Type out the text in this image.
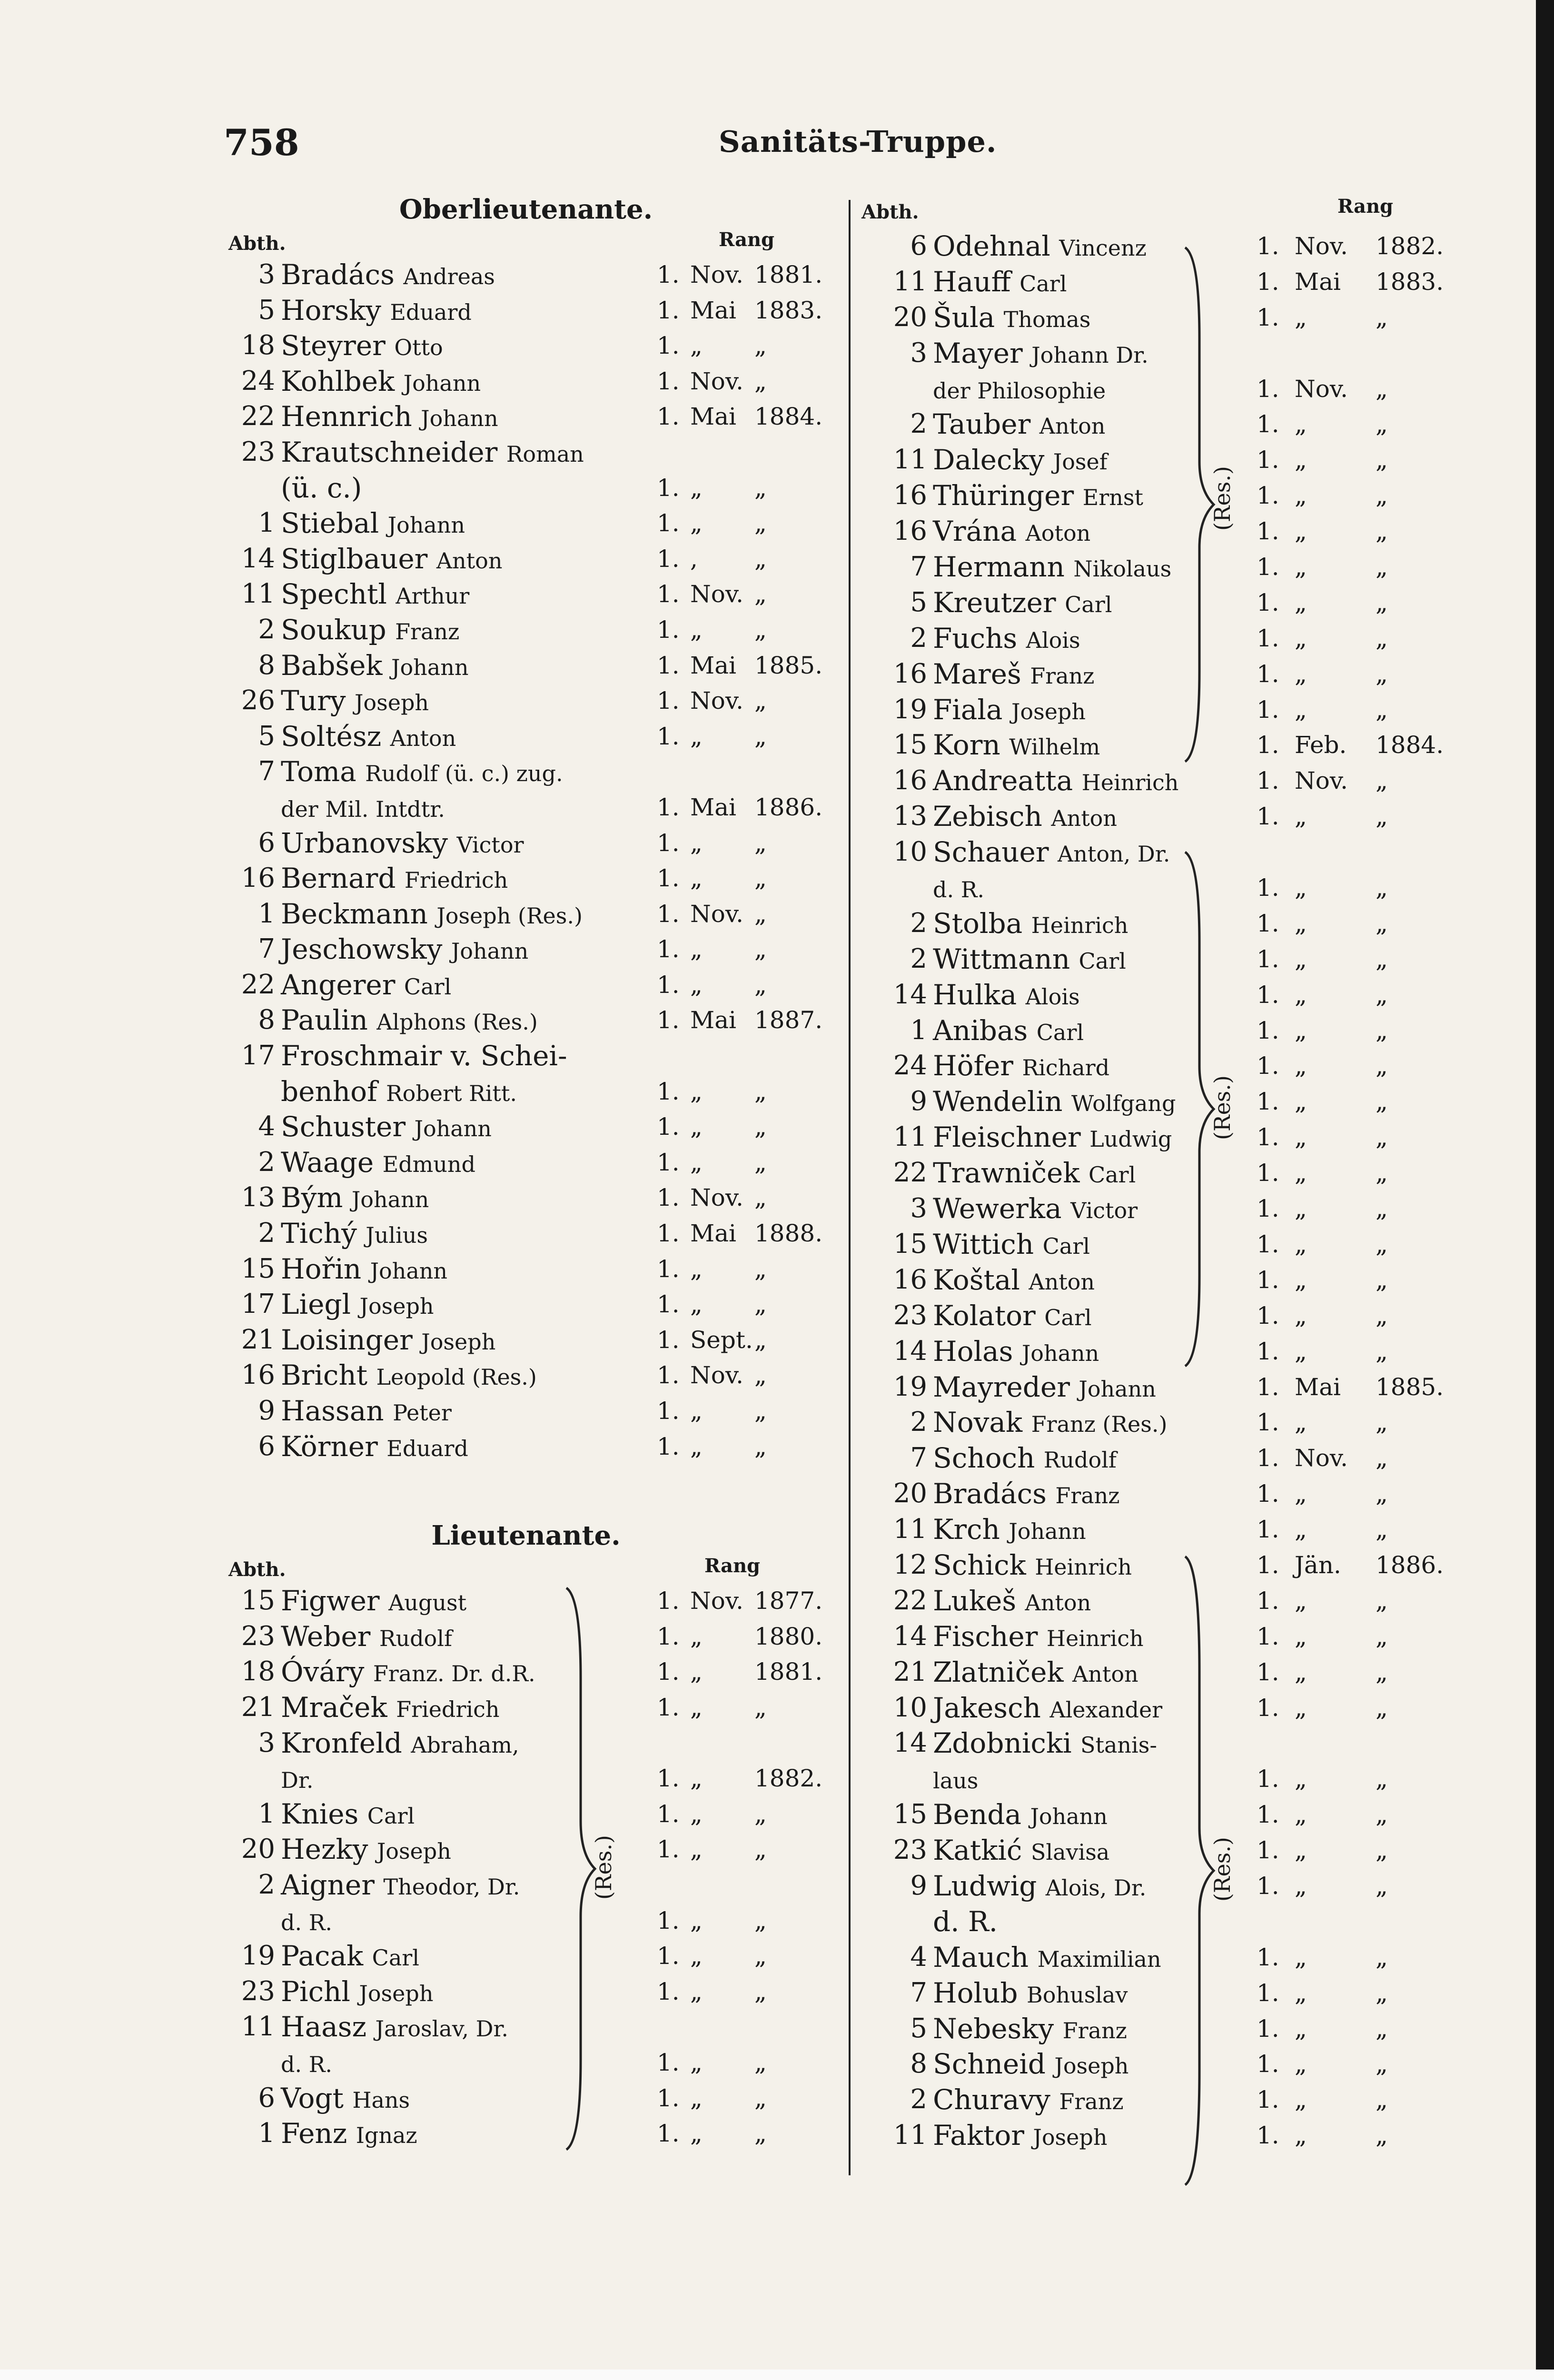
758	Sanitäts-Truppe.
Oberlieutenante.
Abth.	Rang
3 Bradács Andreas	1. Nov. 1881.
5 Horsky Eduard	1. Mai 1883.
18 Steyrer Otto	1. „ „
24 Kohlbek Johann	1. Nov. „
22 Hennrich Johann	1. Mai 1884.
23 Krautschneider Roman
(ü. c.)	1. „ „
1 Stiebal Johann	1. „ „
14 Stiglbauer Anton	1. , „
11 Spechtl Arthur	1. Nov. „
2 Soukup Franz	1. „ „
8 Babšek Johann	1. Mai 1885.
26 Tury Joseph	1. Nov. „
5 Soltész Anton	1. „ „
7 Toma Rudolf (ü. c.) zug.
der Mil. Intdtr.	1. Mai 1886.
6 Urbanovsky Victor	1. „ „
16 Bernard Friedrich	1. „ „
1 Beckmann Joseph (Res.)	1. Nov. „
7 Jeschowsky Johann	1. „ „
22 Angerer Carl	1. „ „
8 Paulin Alphons (Res.)	1. Mai 1887.
17 Froschmair v. Schei-
benhof Robert Ritt.	1. „ „
4 Schuster Johann	1. „ „
2 Waage Edmund	1. „ „
13 Bým Johann	1. Nov. „
2 Tichý Julius	1. Mai 1888.
15 Hořin Johann	1. „ „
17 Liegl Joseph	1. „ „
21 Loisinger Joseph	1. Sept. „
16 Bricht Leopold (Res.)	1. Nov. „
9 Hassan Peter	1. „ „
6 Körner Eduard	1. „ „
Lieutenante.
Abth.	Rang
(Res.)
15 Figwer August	1. Nov. 1877.
23 Weber Rudolf	1. „ 1880.
18 Óváry Franz. Dr. d.R.	1. „ 1881.
21 Mraček Friedrich	1. „ „
3 Kronfeld Abraham,
Dr.	1. „ 1882.
1 Knies Carl	1. „ „
20 Hezky Joseph	1. „ „
2 Aigner Theodor, Dr.
d. R.	1. „ „
19 Pacak Carl	1. „ „
23 Pichl Joseph	1. „ „
11 Haasz Jaroslav, Dr.
d. R.	1. „ „
6 Vogt Hans	1. „ „
1 Fenz Ignaz	1. „ „
Abth.	Rang
(Res.)
(Res.)
(Res.)
6 Odehnal Vincenz	1. Nov. 1882.
11 Hauff Carl	1. Mai 1883.
20 Šula Thomas	1. „	„
3 Mayer Johann Dr.
der Philosophie	1. Nov. „
2 Tauber Anton	1. „	„
11 Dalecky Josef	1. „	„
16 Thüringer Ernst	1. „	„
16 Vrána Aoton	1. „	„
7 Hermann Nikolaus	1. „	„
5 Kreutzer Carl	1. „	„
2 Fuchs Alois	1. „	„
16 Mareš Franz	1. „	„
19 Fiala Joseph	1. „	„
15 Korn Wilhelm	1. Feb. 1884.
16 Andreatta Heinrich	1. Nov. „
13 Zebisch Anton	1. „	„
10 Schauer Anton, Dr.
d. R.	1. „	„
2 Stolba Heinrich	1. „	„
2 Wittmann Carl	1. „	„
14 Hulka Alois	1. „	„
1 Anibas Carl	1. „	„
24 Höfer Richard	1. „	„
9 Wendelin Wolfgang	1. „	„
11 Fleischner Ludwig	1. „	„
22 Trawniček Carl	1. „	„
3 Wewerka Victor	1. „	„
15 Wittich Carl	1. „	„
16 Koštal Anton	1. „	„
23 Kolator Carl	1. „	„
14 Holas Johann	1. „	„
19 Mayreder Johann	1. Mai 1885.
2 Novak Franz (Res.)	1. „	„
7 Schoch Rudolf	1. Nov. „
20 Bradács Franz	1. „	„
11 Krch Johann	1. „	„
12 Schick Heinrich	1. Jän. 1886.
22 Lukeš Anton	1. „	„
14 Fischer Heinrich	1. „	„
21 Zlatniček Anton	1. „	„
10 Jakesch Alexander	1. „	„
14 Zdobnicki Stanis-
laus	1. „	„
15 Benda Johann	1. „	„
23 Katkić Slavisa	1. „	„
9 Ludwig Alois, Dr.	1. „	„
d. R.
4 Mauch Maximilian	1. „	„
7 Holub Bohuslav	1. „	„
5 Nebesky Franz	1. „	„
8 Schneid Joseph	1. „	„
2 Churavy Franz	1. „	„
11 Faktor Joseph	1. „	„
